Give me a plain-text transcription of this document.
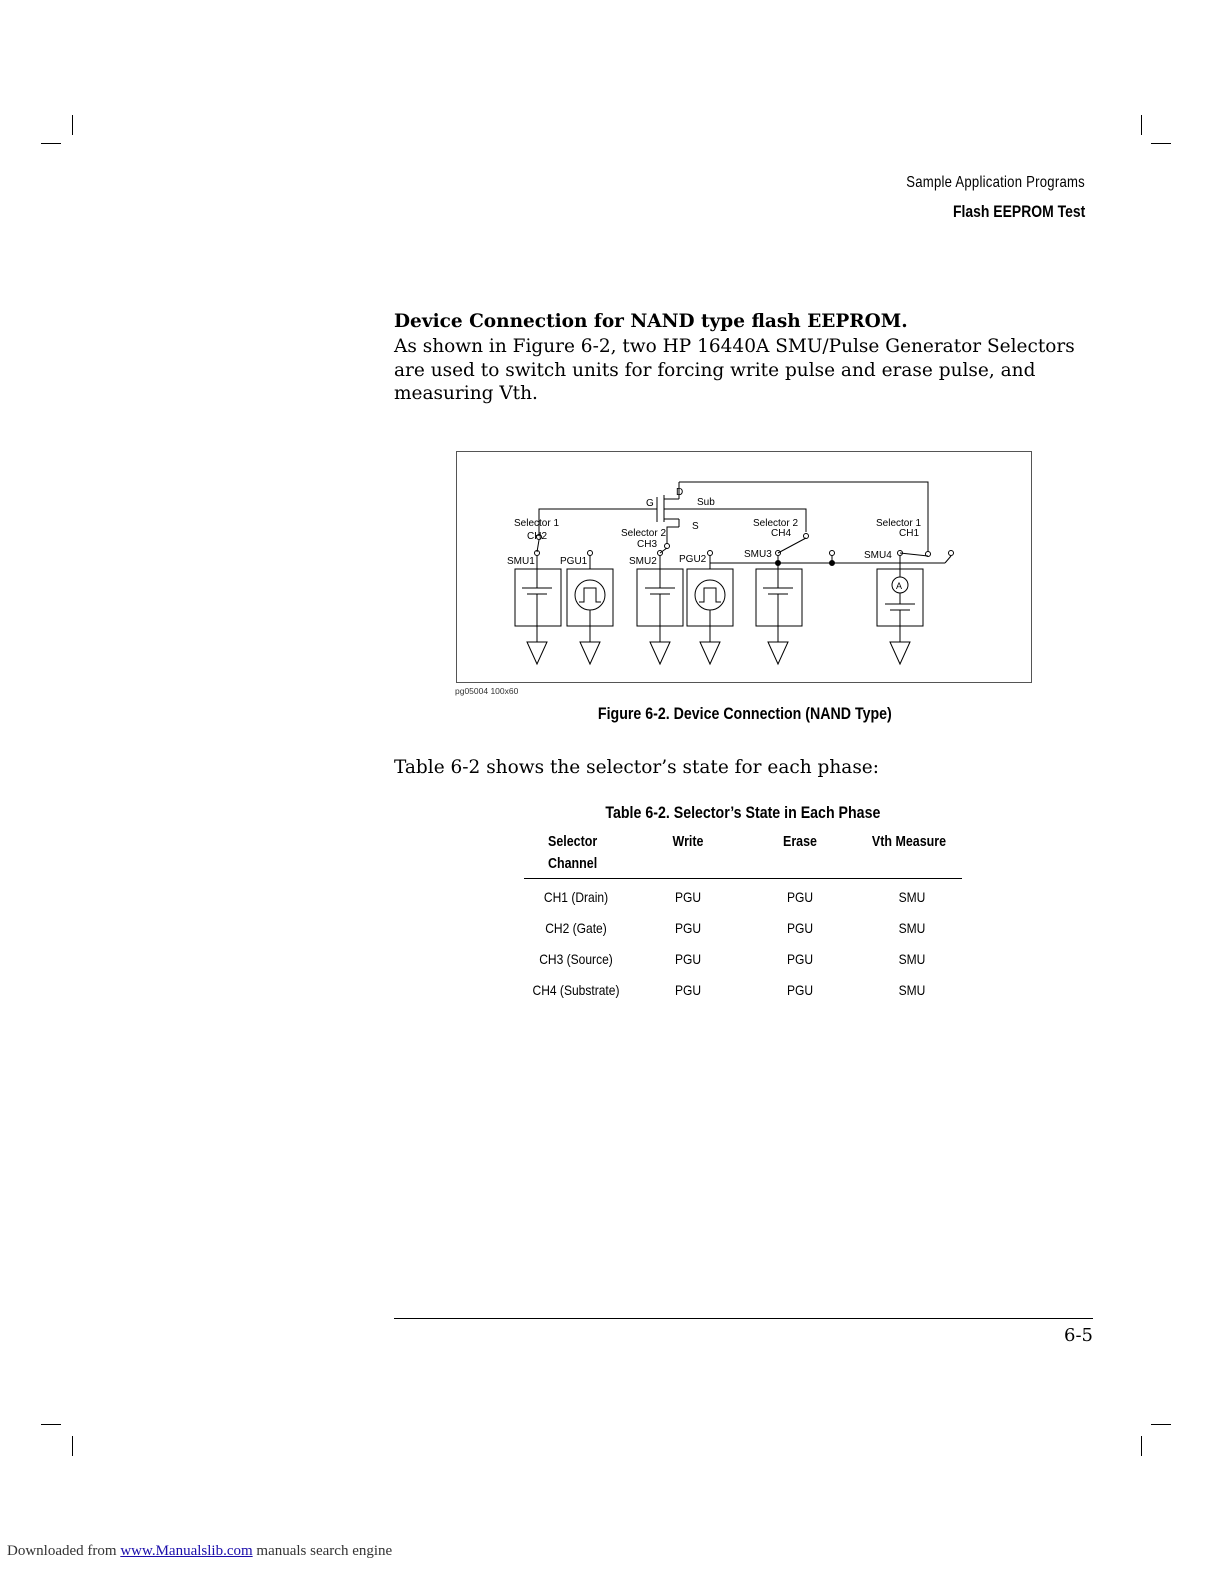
Sample Application Programs
Flash EEPROM Test
Device Connection for NAND type flash EEPROM.
As shown in Figure 6-2, two HP 16440A SMU/Pulse Generator Selectors are used to switch units for forcing write pulse and erase pulse, and measuring Vth.
G
D
Sub
S
Selector 1
CH2	Selector 2
CH3
Selector 2
CH4
Selector 1
CH1
SMU1	PGU1	SMU2 PGU2	SMU3	SMU4
A
pg05004 100x60
Figure 6-2. Device Connection (NAND Type)
Table 6-2 shows the selector’s state for each phase:
Table 6-2. Selector’s State in Each Phase
Selector
Channel
Write	Erase	Vth Measure
CH1 (Drain)	PGU	PGU	SMU
CH2 (Gate)	PGU	PGU	SMU
CH3 (Source)	PGU	PGU	SMU
CH4 (Substrate)	PGU	PGU	SMU
6-5
Downloaded from www.Manualslib.com manuals search engine
